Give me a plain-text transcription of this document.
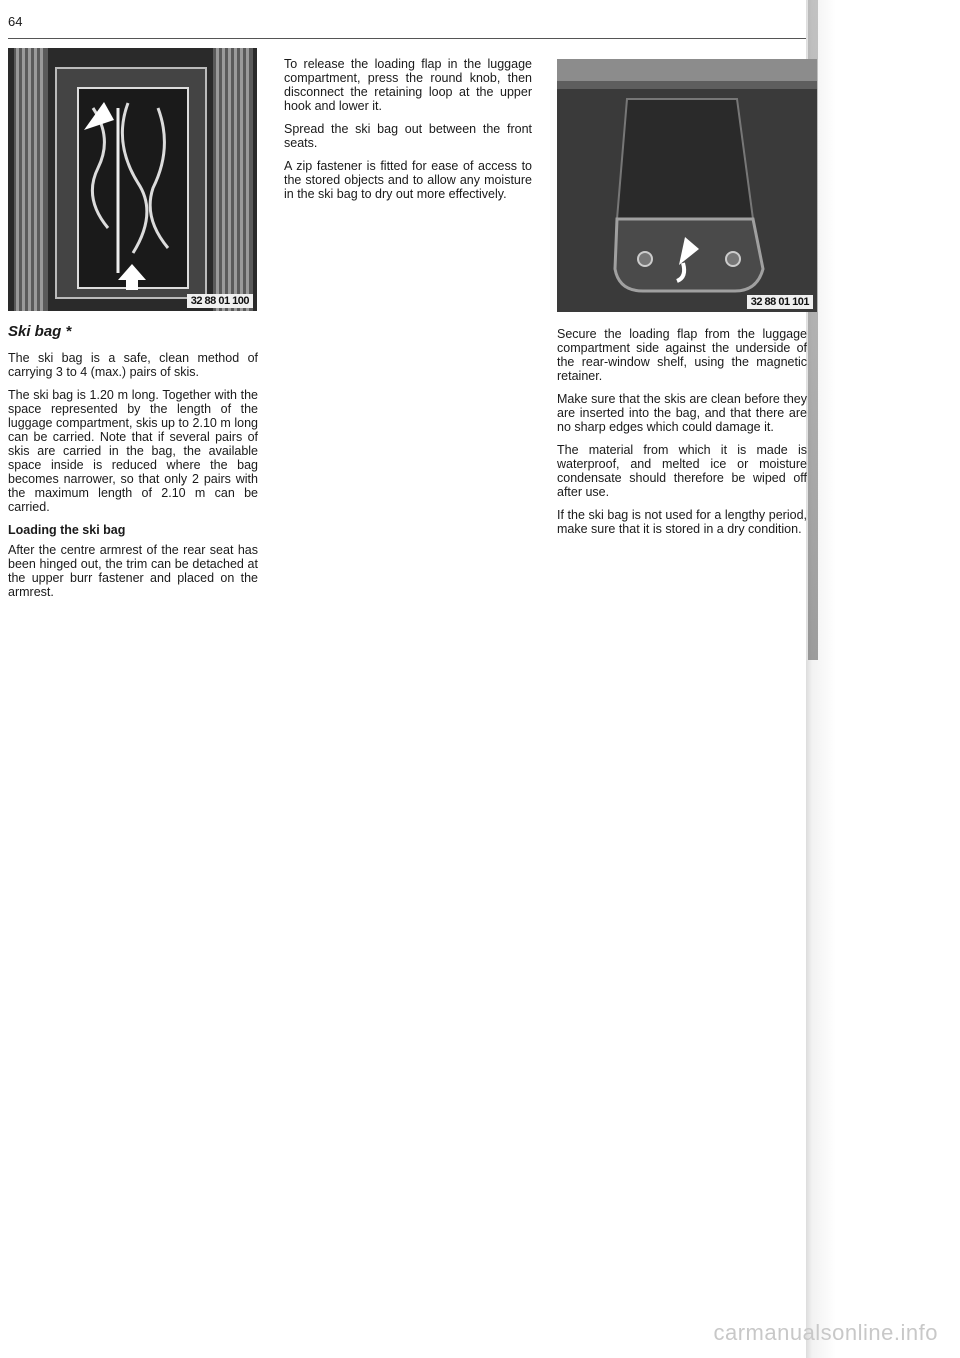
64
32 88 01 100	32 88 01 101
Ski bag *

The ski bag is a safe, clean method of carrying 3 to 4 (max.) pairs of skis.

The ski bag is 1.20 m long. Together with the space represented by the length of the luggage compartment, skis up to 2.10 m long can be carried. Note that if several pairs of skis are carried in the bag, the available space inside is reduced where the bag becomes narrower, so that only 2 pairs with the maximum length of 2.10 m can be carried.

Loading the ski bag

After the centre armrest of the rear seat has been hinged out, the trim can be detached at the upper burr fastener and placed on the armrest.

To release the loading flap in the luggage compartment, press the round knob, then disconnect the retaining loop at the upper hook and lower it.

Spread the ski bag out between the front seats.

A zip fastener is fitted for ease of access to the stored objects and to allow any moisture in the ski bag to dry out more effectively.

Secure the loading flap from the luggage compartment side against the underside of the rear-window shelf, using the magnetic retainer.

Make sure that the skis are clean before they are inserted into the bag, and that there are no sharp edges which could damage it.

The material from which it is made is waterproof, and melted ice or moisture condensate should therefore be wiped off after use.

If the ski bag is not used for a lengthy period, make sure that it is stored in a dry condition.

carmanualsonline.info
